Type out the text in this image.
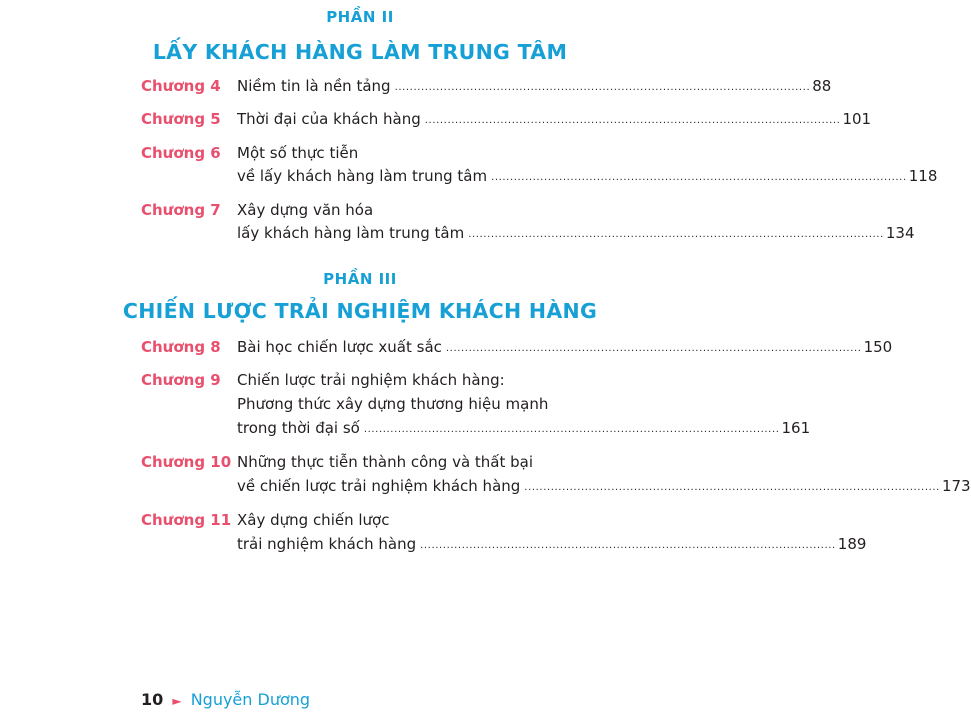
PHẦN II
LẤY KHÁCH HÀNG LÀM TRUNG TÂM
Chương 4 Niềm tin là nền tảng .............................................................................................................. 88
Chương 5 Thời đại của khách hàng .............................................................................................................. 101
Chương 6 Một số thực tiễn
về lấy khách hàng làm trung tâm .............................................................................................................. 118
Chương 7 Xây dựng văn hóa
lấy khách hàng làm trung tâm .............................................................................................................. 134
PHẦN III
CHIẾN LƯỢC TRẢI NGHIỆM KHÁCH HÀNG
Chương 8 Bài học chiến lược xuất sắc .............................................................................................................. 150
Chương 9 Chiến lược trải nghiệm khách hàng:
Phương thức xây dựng thương hiệu mạnh
trong thời đại số .............................................................................................................. 161
Chương 10 Những thực tiễn thành công và thất bại
về chiến lược trải nghiệm khách hàng .............................................................................................................. 173
Chương 11 Xây dựng chiến lược
trải nghiệm khách hàng .............................................................................................................. 189
10 ► Nguyễn Dương
